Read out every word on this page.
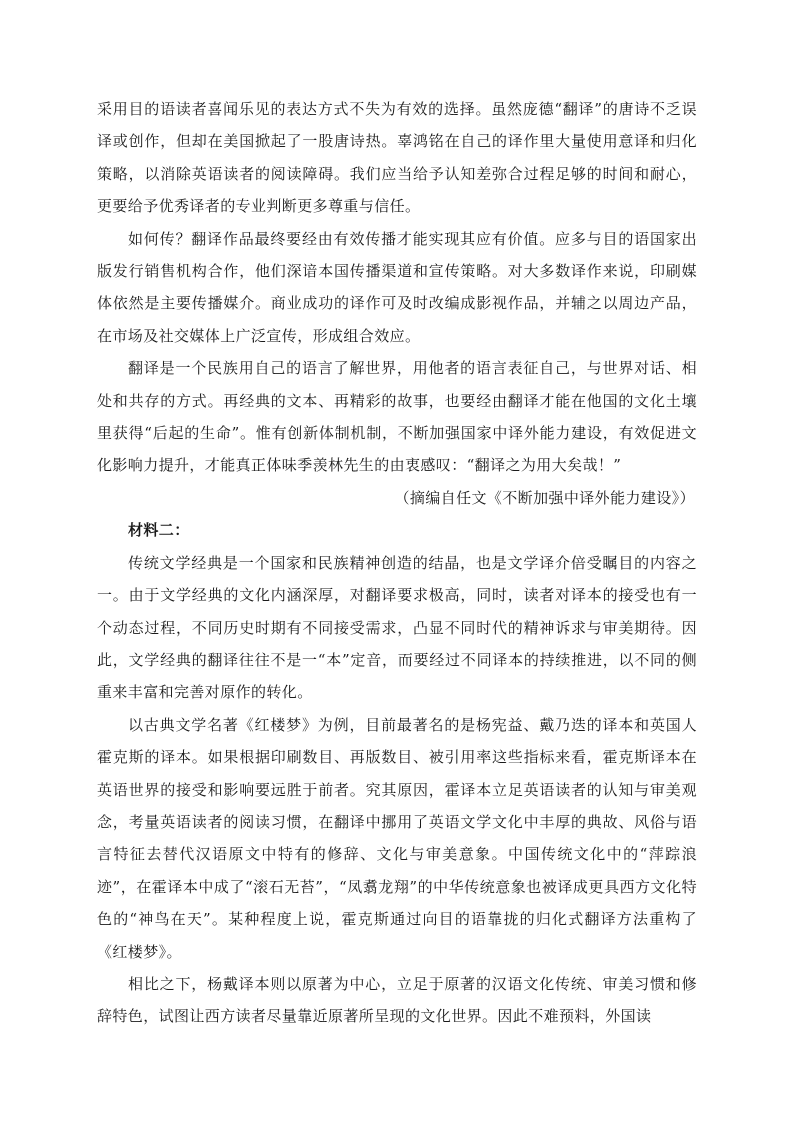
采用目的语读者喜闻乐见的表达方式不失为有效的选择。虽然庞德“翻译”的唐诗不乏误译或创作，但却在美国掀起了一股唐诗热。辜鸿铭在自己的译作里大量使用意译和归化策略，以消除英语读者的阅读障碍。我们应当给予认知差弥合过程足够的时间和耐心，更要给予优秀译者的专业判断更多尊重与信任。

如何传？翻译作品最终要经由有效传播才能实现其应有价值。应多与目的语国家出版发行销售机构合作，他们深谙本国传播渠道和宣传策略。对大多数译作来说，印刷媒体依然是主要传播媒介。商业成功的译作可及时改编成影视作品，并辅之以周边产品，在市场及社交媒体上广泛宣传，形成组合效应。

翻译是一个民族用自己的语言了解世界，用他者的语言表征自己，与世界对话、相处和共存的方式。再经典的文本、再精彩的故事，也要经由翻译才能在他国的文化土壤里获得“后起的生命”。惟有创新体制机制，不断加强国家中译外能力建设，有效促进文化影响力提升，才能真正体味季羡林先生的由衷感叹：“翻译之为用大矣哉！”

（摘编自任文《不断加强中译外能力建设》）

材料二：

传统文学经典是一个国家和民族精神创造的结晶，也是文学译介倍受瞩目的内容之一。由于文学经典的文化内涵深厚，对翻译要求极高，同时，读者对译本的接受也有一个动态过程，不同历史时期有不同接受需求，凸显不同时代的精神诉求与审美期待。因此，文学经典的翻译往往不是一“本”定音，而要经过不同译本的持续推进，以不同的侧重来丰富和完善对原作的转化。

以古典文学名著《红楼梦》为例，目前最著名的是杨宪益、戴乃迭的译本和英国人霍克斯的译本。如果根据印刷数目、再版数目、被引用率这些指标来看，霍克斯译本在英语世界的接受和影响要远胜于前者。究其原因，霍译本立足英语读者的认知与审美观念，考量英语读者的阅读习惯，在翻译中挪用了英语文学文化中丰厚的典故、风俗与语言特征去替代汉语原文中特有的修辞、文化与审美意象。中国传统文化中的“萍踪浪迹”，在霍译本中成了“滚石无苔”，“凤翥龙翔”的中华传统意象也被译成更具西方文化特色的“神鸟在天”。某种程度上说，霍克斯通过向目的语靠拢的归化式翻译方法重构了《红楼梦》。

相比之下，杨戴译本则以原著为中心，立足于原著的汉语文化传统、审美习惯和修辞特色，试图让西方读者尽量靠近原著所呈现的文化世界。因此不难预料，外国读
